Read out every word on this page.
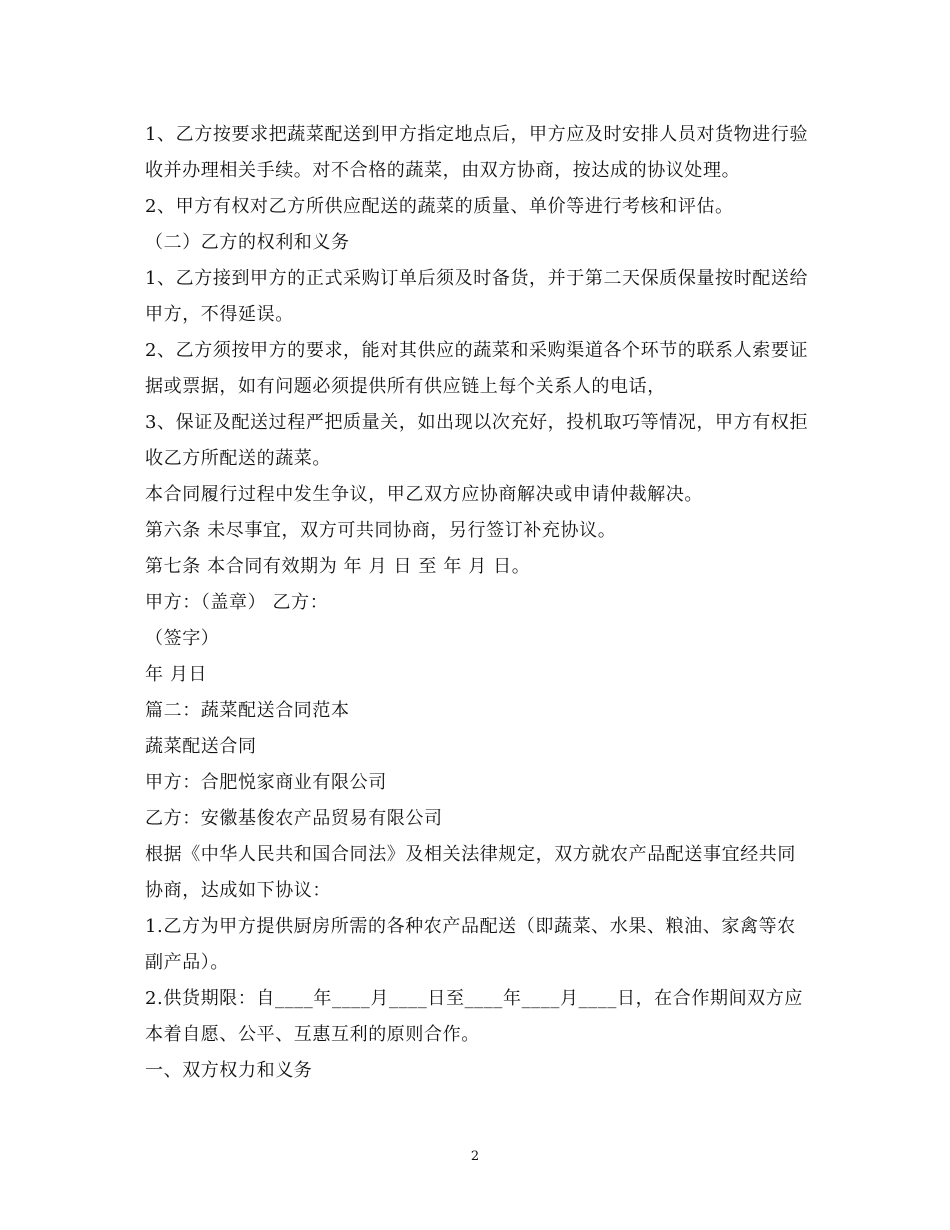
1、乙方按要求把蔬菜配送到甲方指定地点后，甲方应及时安排人员对货物进行验
收并办理相关手续。对不合格的蔬菜，由双方协商，按达成的协议处理。
2、甲方有权对乙方所供应配送的蔬菜的质量、单价等进行考核和评估。
（二）乙方的权利和义务
1、乙方接到甲方的正式采购订单后须及时备货，并于第二天保质保量按时配送给
甲方，不得延误。
2、乙方须按甲方的要求，能对其供应的蔬菜和采购渠道各个环节的联系人索要证
据或票据，如有问题必须提供所有供应链上每个关系人的电话，
3、保证及配送过程严把质量关，如出现以次充好，投机取巧等情况，甲方有权拒
收乙方所配送的蔬菜。
本合同履行过程中发生争议，甲乙双方应协商解决或申请仲裁解决。
第六条 未尽事宜，双方可共同协商，另行签订补充协议。
第七条 本合同有效期为 年 月 日 至 年 月 日。
甲方：（盖章） 乙方：
（签字）
年 月日
篇二：蔬菜配送合同范本
蔬菜配送合同
甲方：合肥悦家商业有限公司
乙方：安徽基俊农产品贸易有限公司
根据《中华人民共和国合同法》及相关法律规定，双方就农产品配送事宜经共同
协商，达成如下协议：
1.乙方为甲方提供厨房所需的各种农产品配送（即蔬菜、水果、粮油、家禽等农
副产品）。
2.供货期限：自____年____月____日至____年____月____日，在合作期间双方应
本着自愿、公平、互惠互利的原则合作。
一、双方权力和义务
2
